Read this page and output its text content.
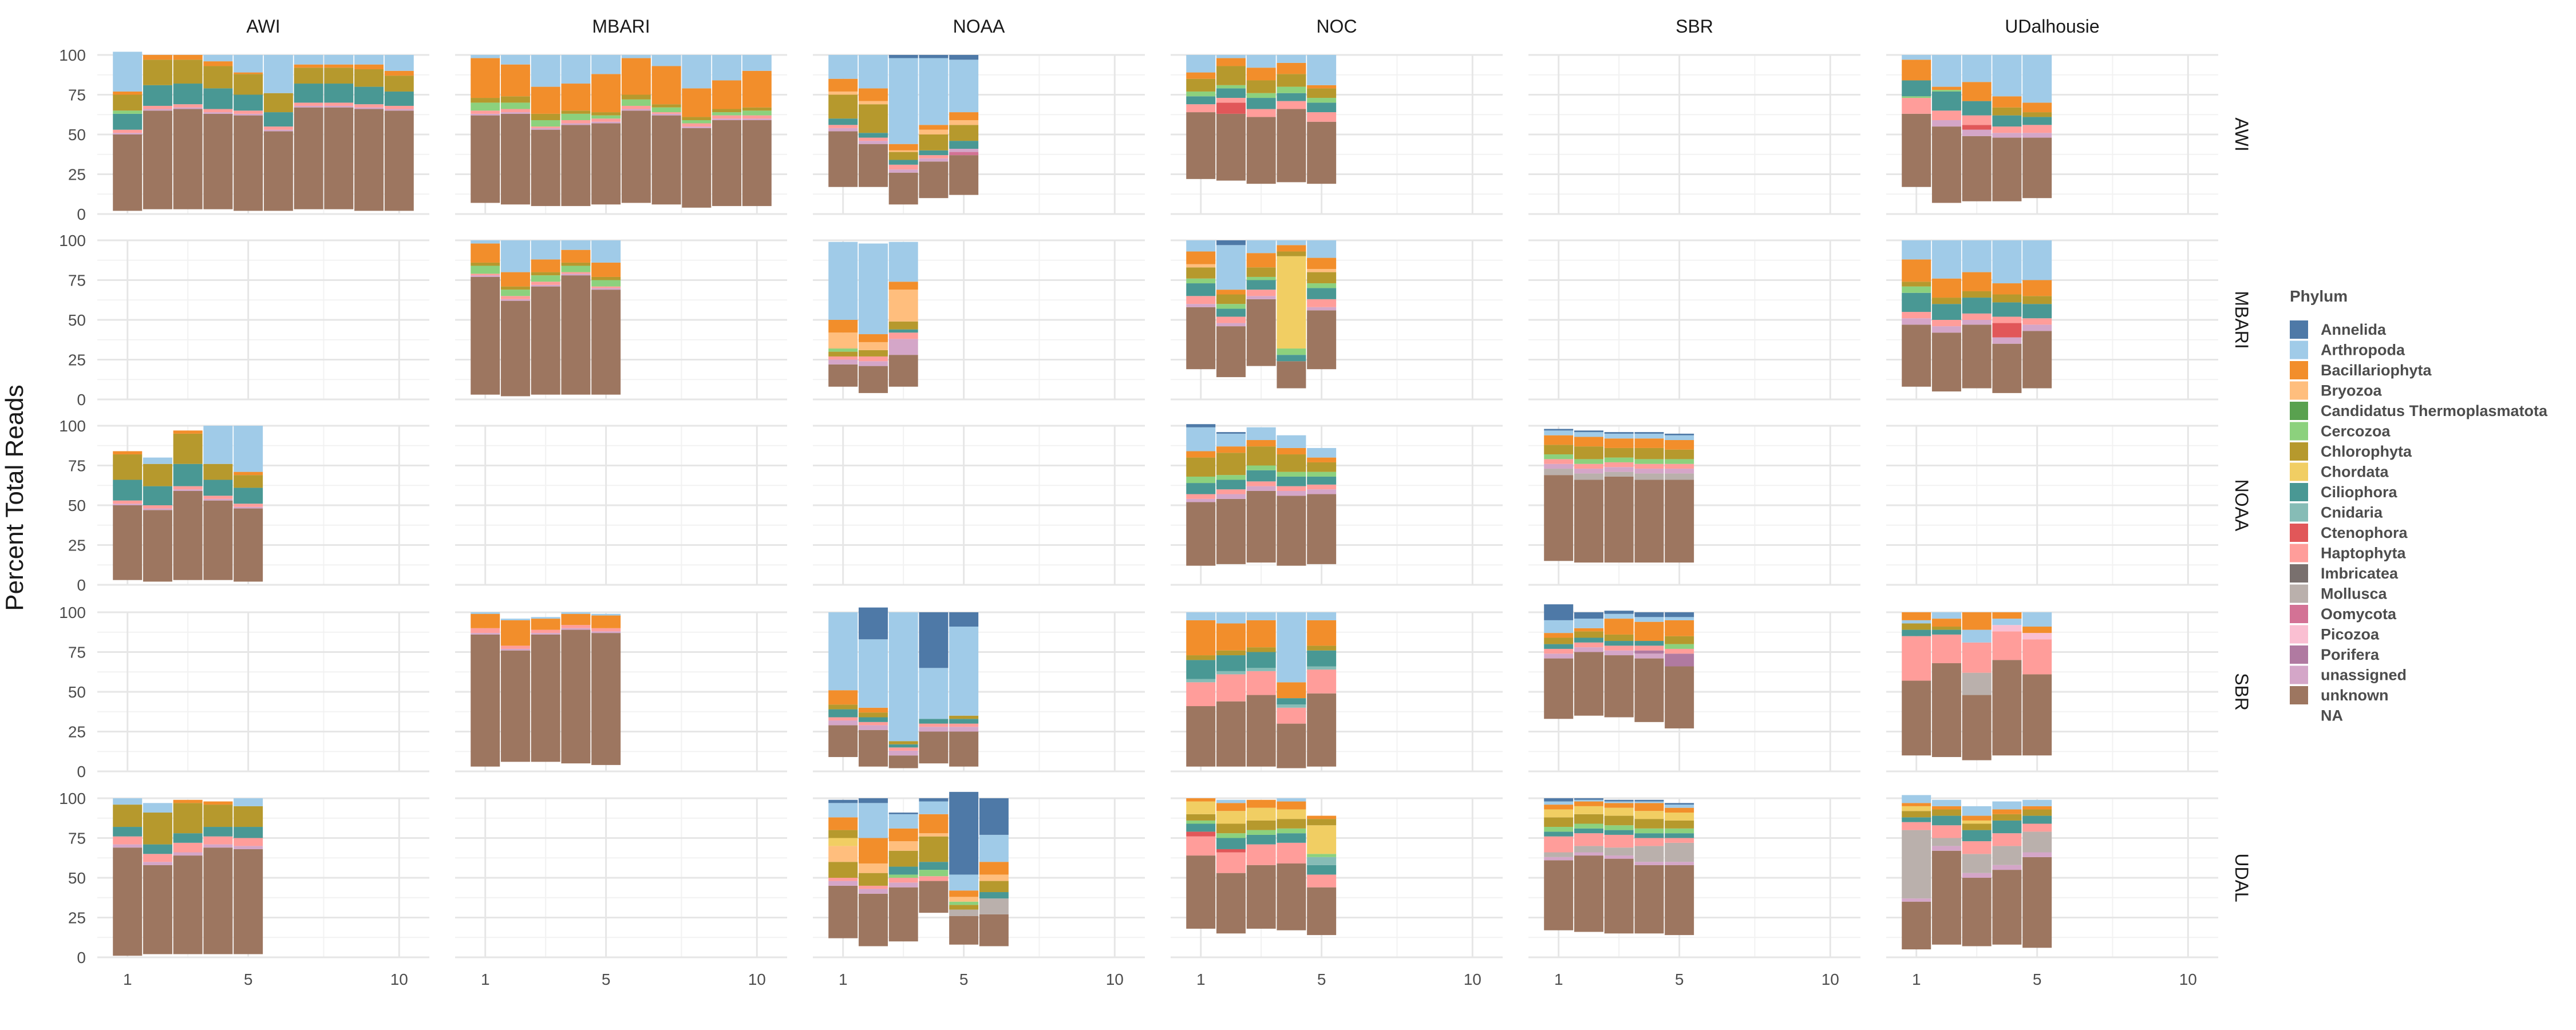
0
25
50
75
100
0
25
50
75
100
0
25
50
75
100
0
25
50
75
100
0
25
50
75
100
1	5	10	1	5	10	1	5	10	1	5	10	1	5	10	1	5	10
AWI	MBARI	NOAA	NOC	SBR	UDalhousie
AWI
MBARI
NOAA
SBR
UDAL
Percent Total Reads
Phylum
Annelida
Arthropoda
Bacillariophyta
Bryozoa
Candidatus Thermoplasmatota
Cercozoa
Chlorophyta
Chordata
Ciliophora
Cnidaria
Ctenophora
Haptophyta
Imbricatea
Mollusca
Oomycota
Picozoa
Porifera
unassigned
unknown
NA
